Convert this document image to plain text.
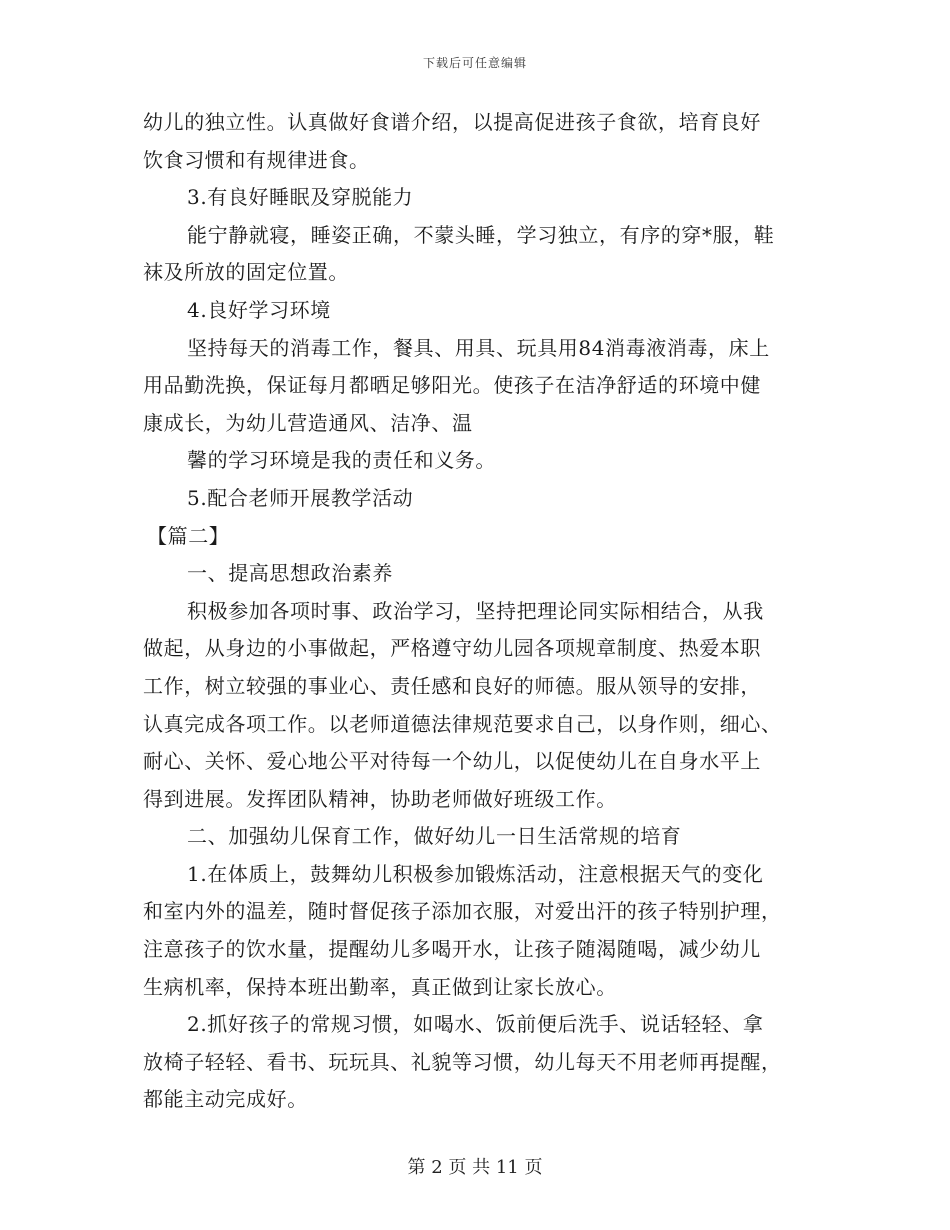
下载后可任意编辑
幼儿的独立性。认真做好食谱介绍，以提高促进孩子食欲，培育良好
饮食习惯和有规律进食。
3.有良好睡眠及穿脱能力
能宁静就寝，睡姿正确，不蒙头睡，学习独立，有序的穿*服，鞋
袜及所放的固定位置。
4.良好学习环境
坚持每天的消毒工作，餐具、用具、玩具用84消毒液消毒，床上
用品勤洗换，保证每月都晒足够阳光。使孩子在洁净舒适的环境中健
康成长，为幼儿营造通风、洁净、温
馨的学习环境是我的责任和义务。
5.配合老师开展教学活动
【篇二】
一、提高思想政治素养
积极参加各项时事、政治学习，坚持把理论同实际相结合，从我
做起，从身边的小事做起，严格遵守幼儿园各项规章制度、热爱本职
工作，树立较强的事业心、责任感和良好的师德。服从领导的安排，
认真完成各项工作。以老师道德法律规范要求自己，以身作则，细心、
耐心、关怀、爱心地公平对待每一个幼儿，以促使幼儿在自身水平上
得到进展。发挥团队精神，协助老师做好班级工作。
二、加强幼儿保育工作，做好幼儿一日生活常规的培育
1.在体质上，鼓舞幼儿积极参加锻炼活动，注意根据天气的变化
和室内外的温差，随时督促孩子添加衣服，对爱出汗的孩子特别护理，
注意孩子的饮水量，提醒幼儿多喝开水，让孩子随渴随喝，减少幼儿
生病机率，保持本班出勤率，真正做到让家长放心。
2.抓好孩子的常规习惯，如喝水、饭前便后洗手、说话轻轻、拿
放椅子轻轻、看书、玩玩具、礼貌等习惯，幼儿每天不用老师再提醒，
都能主动完成好。
第 2 页 共 11 页
